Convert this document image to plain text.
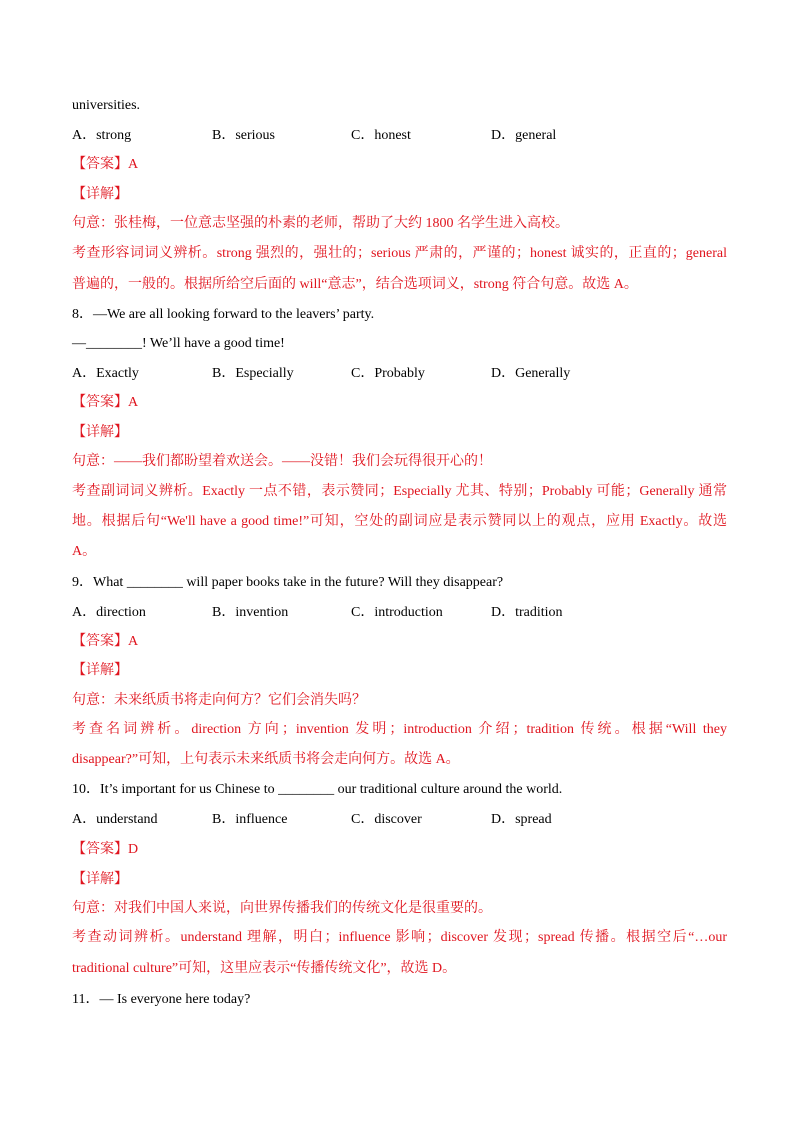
universities.
A．strong	B．serious	C．honest	D．general
【答案】A
【详解】
句意：张桂梅，一位意志坚强的朴素的老师，帮助了大约 1800 名学生进入高校。
考查形容词词义辨析。strong 强烈的，强壮的；serious 严肃的，严谨的；honest 诚实的，正直的；general
普遍的，一般的。根据所给空后面的 will“意志”，结合选项词义，strong 符合句意。故选 A。
8．—We are all looking forward to the leavers’ party.
—________! We’ll have a good time!
A．Exactly	B．Especially	C．Probably	D．Generally
【答案】A
【详解】
句意：——我们都盼望着欢送会。——没错！我们会玩得很开心的！
考查副词词义辨析。Exactly 一点不错，表示赞同；Especially 尤其、特别；Probably 可能；Generally 通常
地。根据后句“We'll have a good time!”可知，空处的副词应是表示赞同以上的观点，应用 Exactly。故选
A。
9．What ________ will paper books take in the future? Will they disappear?
A．direction	B．invention	C．introduction	D．tradition
【答案】A
【详解】
句意：未来纸质书将走向何方？它们会消失吗？
考查名词辨析。direction 方向；invention 发明；introduction 介绍；tradition 传统。根据“Will they
disappear?”可知，上句表示未来纸质书将会走向何方。故选 A。
10．It’s important for us Chinese to ________ our traditional culture around the world.
A．understand	B．influence	C．discover	D．spread
【答案】D
【详解】
句意：对我们中国人来说，向世界传播我们的传统文化是很重要的。
考查动词辨析。understand 理解，明白；influence 影响；discover 发现；spread 传播。根据空后“…our
traditional culture”可知，这里应表示“传播传统文化”，故选 D。
11．— Is everyone here today?
